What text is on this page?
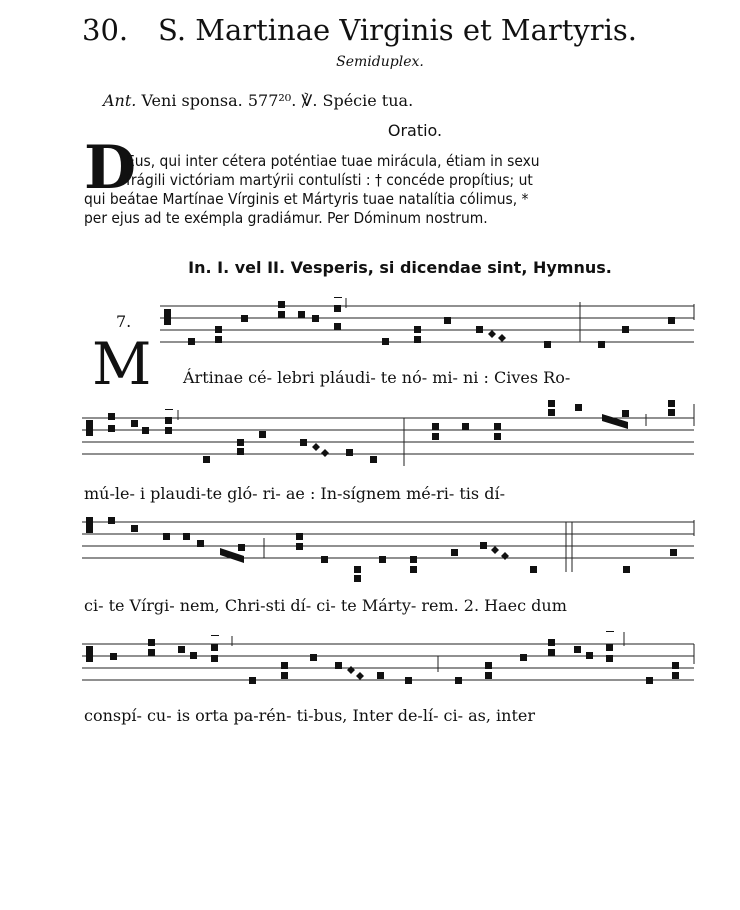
30. S. Martinae Virginis et Martyris.
Semiduplex.
Ant. Veni sponsa. 577²⁰. ℣. Spécie tua.
Oratio.
D
Eus, qui inter cétera poténtiae tuae mirácula, étiam in sexu
frágili victóriam martýrii contulísti : † concéde propítius; ut
qui beátae Martínae Vírginis et Mártyris tuae natalítia cólimus, *
per ejus ad te exémpla gradiámur. Per Dóminum nostrum.
In. I. vel II. Vesperis, si dicendae sint, Hymnus.
7.
M Ártinae cé- lebri pláudi- te nó- mi- ni : Cives Ro-
mú-le- i plaudi-te gló- ri- ae : In-sígnem mé-ri- tis dí-
ci- te Vírgi- nem, Chri-sti dí- ci- te Márty- rem. 2. Haec dum
conspí- cu- is orta pa-rén- ti-bus, Inter de-lí- ci- as, inter
